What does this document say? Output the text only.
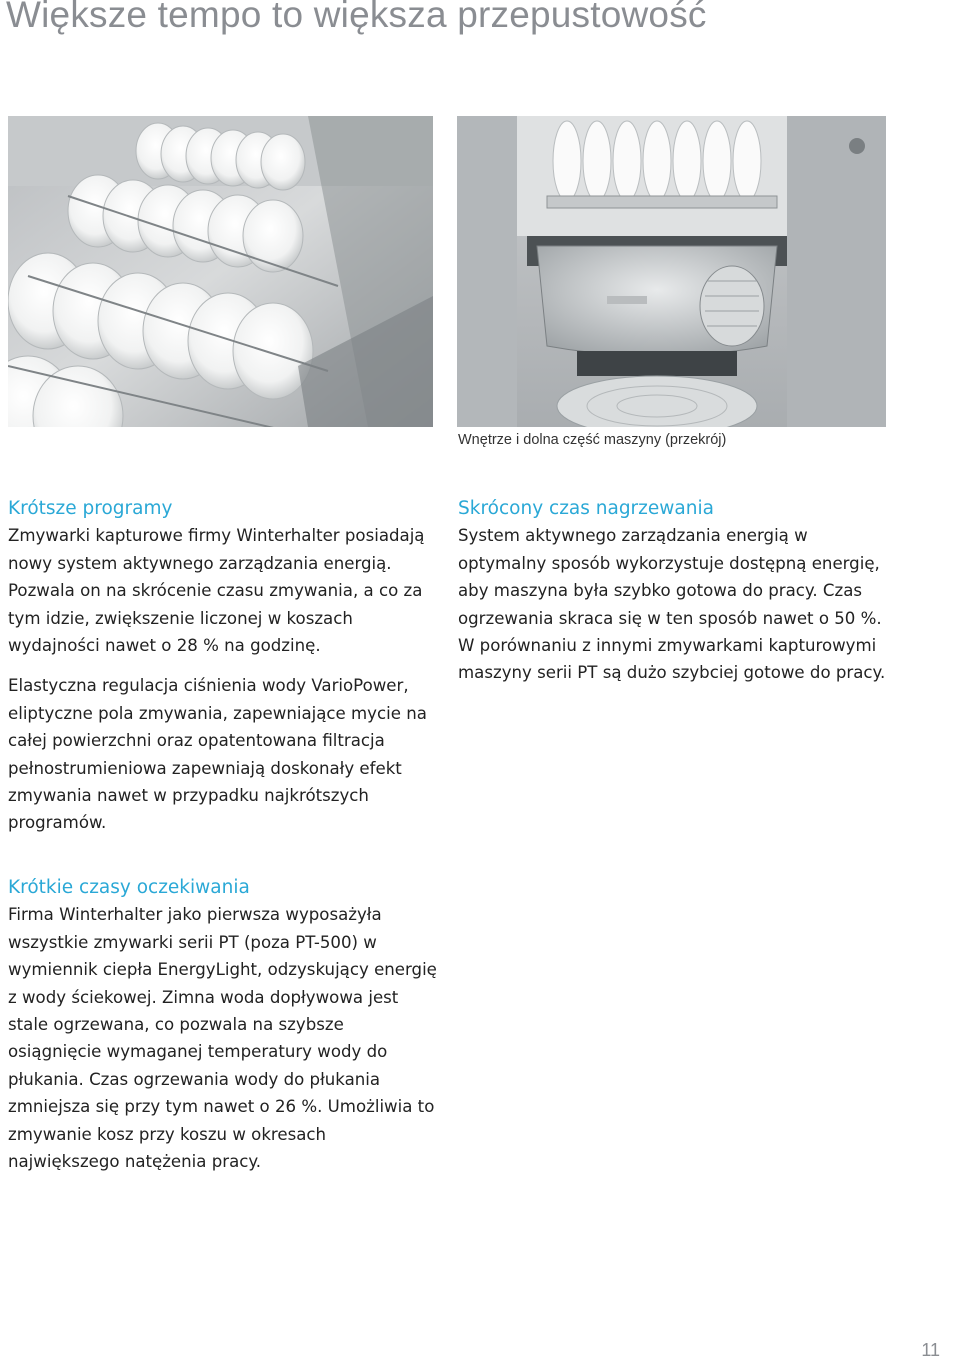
Większe tempo to większa przepustowość
Wnętrze i dolna część maszyny (przekrój)
Krótsze programy

Zmywarki kapturowe firmy Winterhalter posiadają nowy system aktywnego zarządzania energią. Pozwala on na skrócenie czasu zmywania, a co za tym idzie, zwiększenie liczonej w koszach wydajności nawet o 28 % na godzinę.

Elastyczna regulacja ciśnienia wody VarioPower, eliptyczne pola zmywania, zapewniające mycie na całej powierzchni oraz opatentowana filtracja pełnostrumieniowa zapewniają doskonały efekt zmywania nawet w przypadku najkrótszych programów.

Skrócony czas nagrzewania

System aktywnego zarządzania energią w optymalny sposób wykorzystuje dostępną energię, aby maszyna była szybko gotowa do pracy. Czas ogrzewania skraca się w ten sposób nawet o 50 %. W porównaniu z innymi zmywarkami kapturowymi maszyny serii PT są dużo szybciej gotowe do pracy.

Krótkie czasy oczekiwania

Firma Winterhalter jako pierwsza wyposażyła wszystkie zmywarki serii PT (poza PT-500) w wymiennik ciepła EnergyLight, odzyskujący energię z wody ściekowej. Zimna woda dopływowa jest stale ogrzewana, co pozwala na szybsze osiągnięcie wymaganej temperatury wody do płukania. Czas ogrzewania wody do płukania zmniejsza się przy tym nawet o 26 %. Umożliwia to zmywanie kosz przy koszu w okresach największego natężenia pracy.

11
